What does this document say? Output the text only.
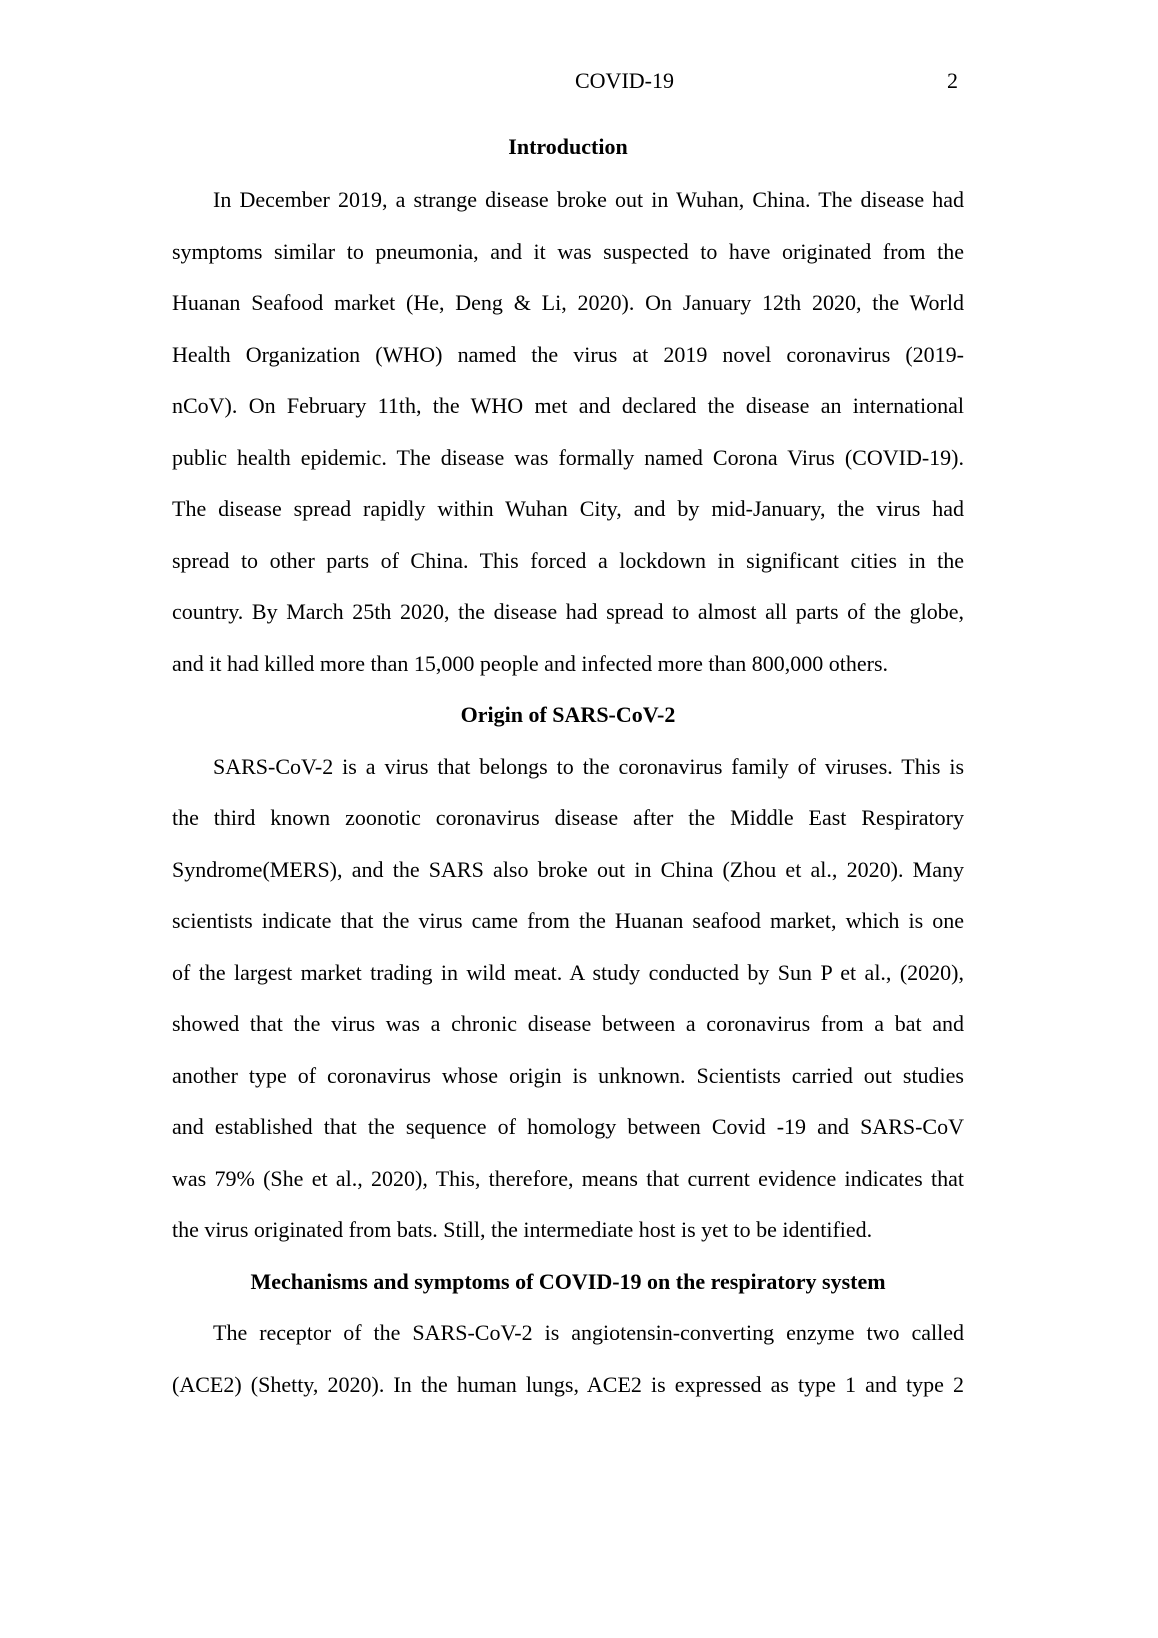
COVID-19	2
Introduction
In December 2019, a strange disease broke out in Wuhan, China. The disease had
symptoms similar to pneumonia, and it was suspected to have originated from the
Huanan Seafood market (He, Deng & Li, 2020). On January 12th 2020, the World
Health Organization (WHO) named the virus at 2019 novel coronavirus (2019-
nCoV). On February 11th, the WHO met and declared the disease an international
public health epidemic. The disease was formally named Corona Virus (COVID-19).
The disease spread rapidly within Wuhan City, and by mid-January, the virus had
spread to other parts of China. This forced a lockdown in significant cities in the
country. By March 25th 2020, the disease had spread to almost all parts of the globe,
and it had killed more than 15,000 people and infected more than 800,000 others.
Origin of SARS-CoV-2
SARS-CoV-2 is a virus that belongs to the coronavirus family of viruses. This is
the third known zoonotic coronavirus disease after the Middle East Respiratory
Syndrome(MERS), and the SARS also broke out in China (Zhou et al., 2020). Many
scientists indicate that the virus came from the Huanan seafood market, which is one
of the largest market trading in wild meat. A study conducted by Sun P et al., (2020),
showed that the virus was a chronic disease between a coronavirus from a bat and
another type of coronavirus whose origin is unknown. Scientists carried out studies
and established that the sequence of homology between Covid -19 and SARS-CoV
was 79% (She et al., 2020), This, therefore, means that current evidence indicates that
the virus originated from bats. Still, the intermediate host is yet to be identified.
Mechanisms and symptoms of COVID-19 on the respiratory system
The receptor of the SARS-CoV-2 is angiotensin-converting enzyme two called
(ACE2) (Shetty, 2020). In the human lungs, ACE2 is expressed as type 1 and type 2
